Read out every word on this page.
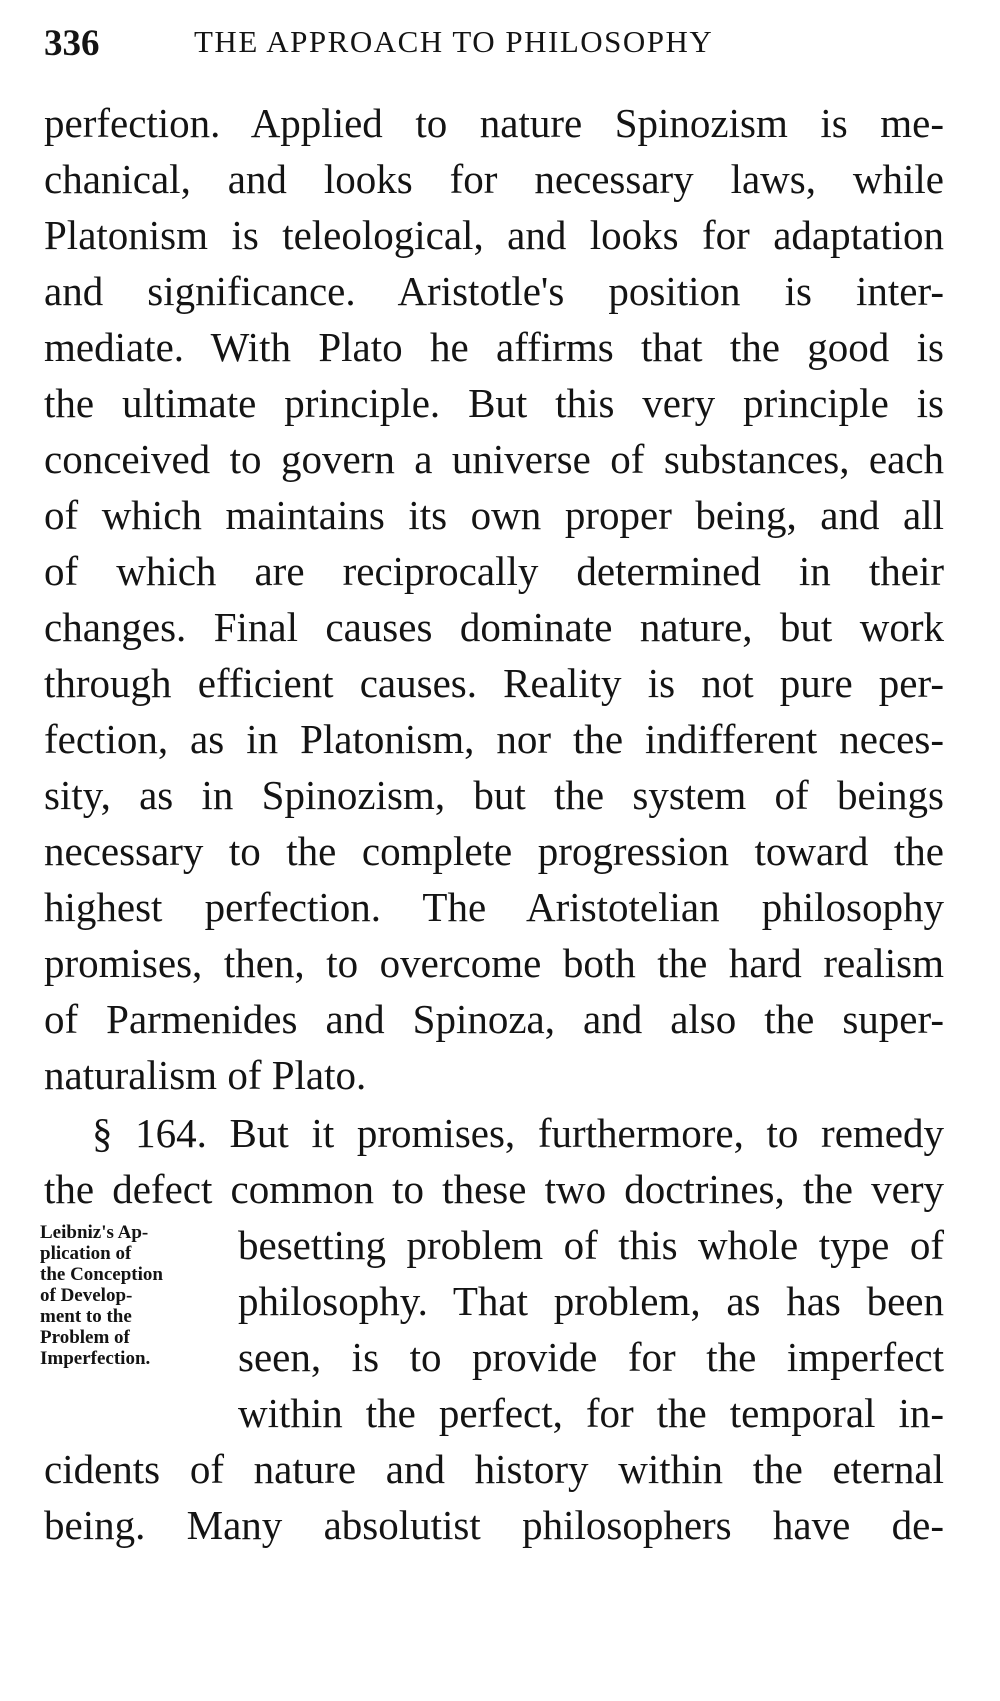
336	THE APPROACH TO PHILOSOPHY
perfection. Applied to nature Spinozism is me-
chanical, and looks for necessary laws, while
Platonism is teleological, and looks for adaptation
and significance. Aristotle's position is inter-
mediate. With Plato he affirms that the good is
the ultimate principle. But this very principle is
conceived to govern a universe of substances, each
of which maintains its own proper being, and all
of which are reciprocally determined in their
changes. Final causes dominate nature, but work
through efficient causes. Reality is not pure per-
fection, as in Platonism, nor the indifferent neces-
sity, as in Spinozism, but the system of beings
necessary to the complete progression toward the
highest perfection. The Aristotelian philosophy
promises, then, to overcome both the hard realism
of Parmenides and Spinoza, and also the super-
naturalism of Plato.
§ 164. But it promises, furthermore, to remedy
the defect common to these two doctrines, the very
besetting problem of this whole type of
philosophy. That problem, as has been
seen, is to provide for the imperfect
within the perfect, for the temporal in-
cidents of nature and history within the eternal
being. Many absolutist philosophers have de-
Leibniz's Ap-
plication of
the Conception
of Develop-
ment to the
Problem of
Imperfection.
